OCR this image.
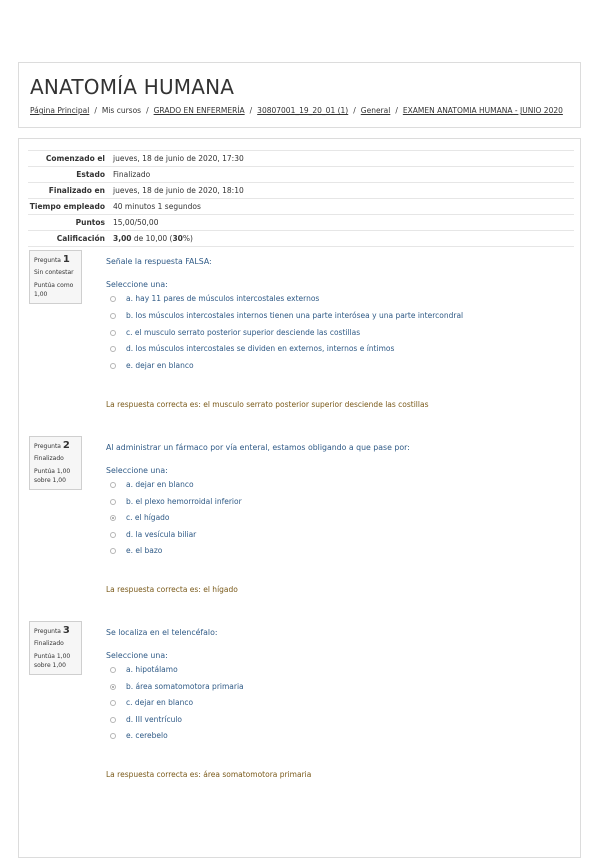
ANATOMÍA HUMANA
Página Principal / Mis cursos / GRADO EN ENFERMERÍA / 30807001_19_20_01 (1) / General / EXAMEN ANATOMIA HUMANA - JUNIO 2020
Comenzado el	jueves, 18 de junio de 2020, 17:30
Estado	Finalizado
Finalizado en	jueves, 18 de junio de 2020, 18:10
Tiempo empleado	40 minutos 1 segundos
Puntos	15,00/50,00
Calificación	3,00 de 10,00 (30%)
Pregunta 1
Sin contestar
Puntúa como 1,00
Señale la respuesta FALSA:
Seleccione una:
a. hay 11 pares de músculos intercostales externos
b. los músculos intercostales internos tienen una parte interósea y una parte intercondral
c. el musculo serrato posterior superior desciende las costillas
d. los músculos intercostales se dividen en externos, internos e íntimos
e. dejar en blanco
La respuesta correcta es: el musculo serrato posterior superior desciende las costillas
Pregunta 2
Finalizado
Puntúa 1,00 sobre 1,00
Al administrar un fármaco por vía enteral, estamos obligando a que pase por:
Seleccione una:
a. dejar en blanco
b. el plexo hemorroidal inferior
c. el hígado
d. la vesícula biliar
e. el bazo
La respuesta correcta es: el hígado
Pregunta 3
Finalizado
Puntúa 1,00 sobre 1,00
Se localiza en el telencéfalo:
Seleccione una:
a. hipotálamo
b. área somatomotora primaria
c. dejar en blanco
d. III ventrículo
e. cerebelo
La respuesta correcta es: área somatomotora primaria
